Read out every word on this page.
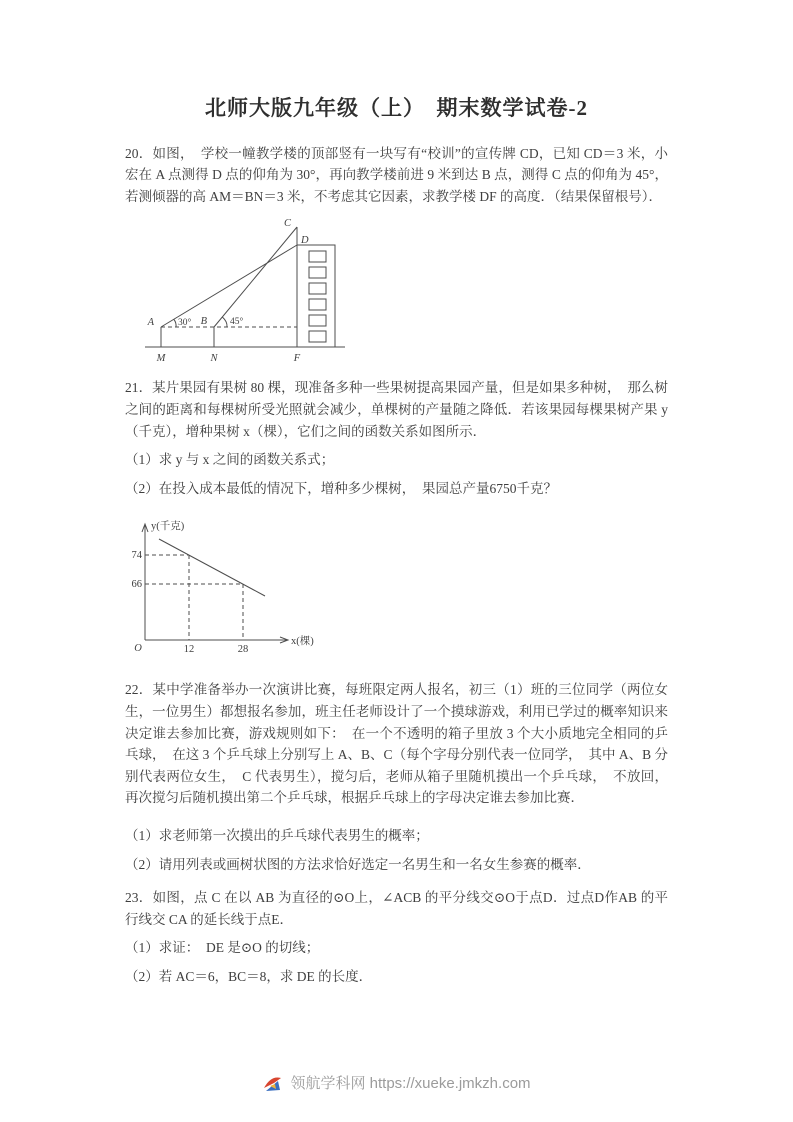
北师大版九年级（上）　期末数学试卷-2

20．如图，　学校一幢教学楼的顶部竖有一块写有“校训”的宣传牌 CD，已知 CD＝3 米，小宏在 A 点测得 D 点的仰角为 30°，再向教学楼前进 9 米到达 B 点，测得 C 点的仰角为 45°，若测倾器的高 AM＝BN＝3 米，不考虑其它因素，求教学楼 DF 的高度．（结果保留根号）．

C
D
A	B
M	N	F
30°	45°

21．某片果园有果树 80 棵，现准备多种一些果树提高果园产量，但是如果多种树，　那么树之间的距离和每棵树所受光照就会减少，单棵树的产量随之降低．若该果园每棵果树产果 y（千克），增种果树 x（棵），它们之间的函数关系如图所示．

（1）求 y 与 x 之间的函数关系式；

（2）在投入成本最低的情况下，增种多少棵树，　果园总产量6750千克？

y(千克)
x(棵)
74
66
12	28
O

22．某中学准备举办一次演讲比赛，每班限定两人报名，初三（1）班的三位同学（两位女生，一位男生）都想报名参加，班主任老师设计了一个摸球游戏，利用已学过的概率知识来决定谁去参加比赛，游戏规则如下：　在一个不透明的箱子里放 3 个大小质地完全相同的乒乓球，　在这 3 个乒乓球上分别写上 A、B、C（每个字母分别代表一位同学，　其中 A、B 分别代表两位女生，　C 代表男生），搅匀后，老师从箱子里随机摸出一个乒乓球，　不放回，再次搅匀后随机摸出第二个乒乓球，根据乒乓球上的字母决定谁去参加比赛．

（1）求老师第一次摸出的乒乓球代表男生的概率；

（2）请用列表或画树状图的方法求恰好选定一名男生和一名女生参赛的概率．

23．如图，点 C 在以 AB 为直径的⊙O上，∠ACB 的平分线交⊙O于点D．过点D作AB 的平行线交 CA 的延长线于点E．

（1）求证：　DE 是⊙O 的切线；

（2）若 AC＝6，BC＝8，求 DE 的长度．

领航学科网 https://xueke.jmkzh.com
